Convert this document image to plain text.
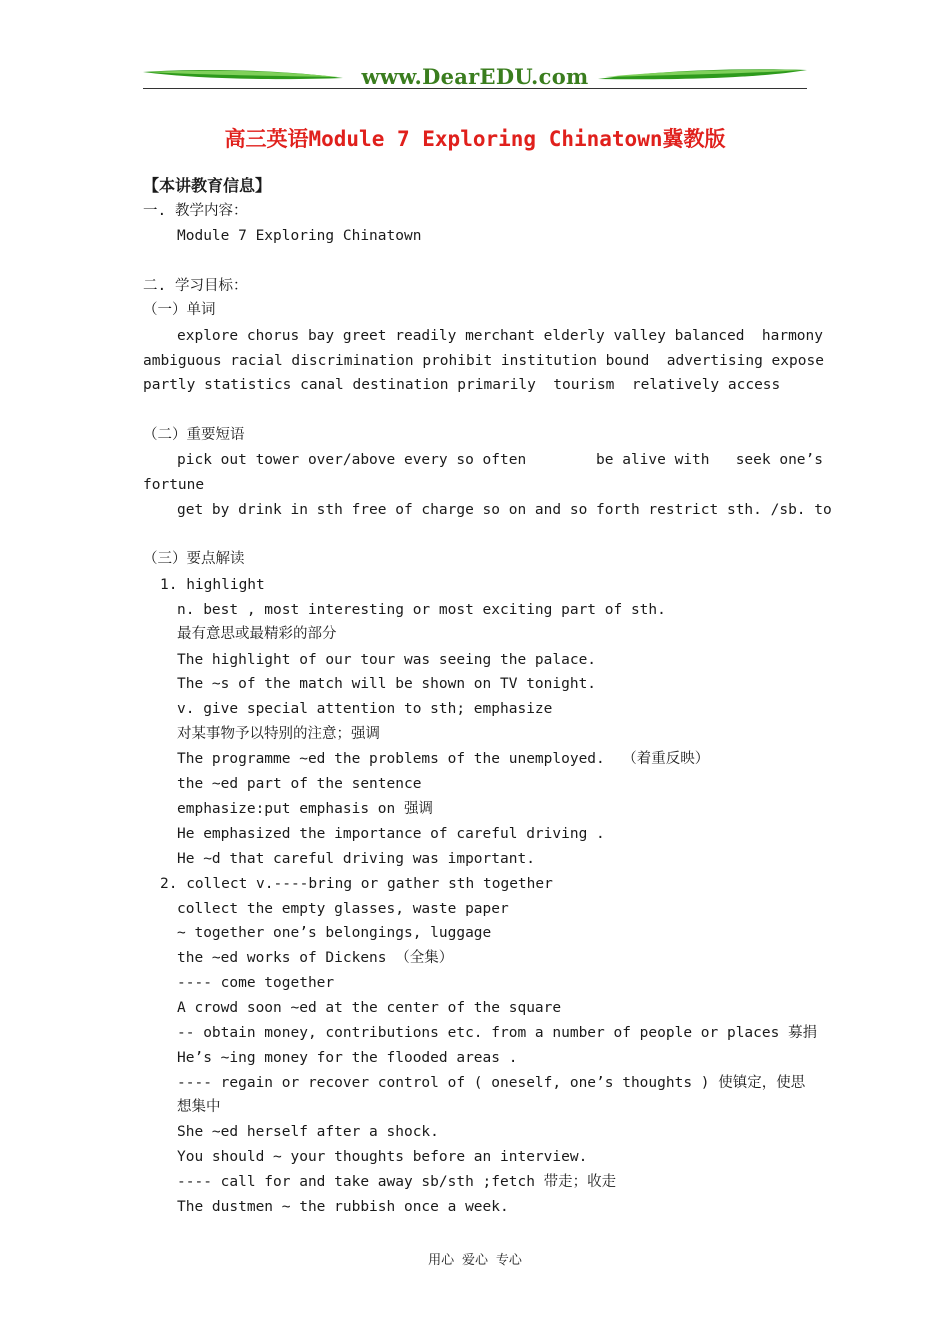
www.DearEDU.com
高三英语Module 7 Exploring Chinatown冀教版
【本讲教育信息】
一. 教学内容：
Module 7 Exploring Chinatown
二. 学习目标：
（一）单词
explore chorus bay greet readily merchant elderly valley balanced  harmony
ambiguous racial discrimination prohibit institution bound  advertising expose
partly statistics canal destination primarily  tourism  relatively access
（二）重要短语
pick out tower over/above every so often        be alive with   seek one’s
fortune
get by drink in sth free of charge so on and so forth restrict sth. /sb. to
（三）要点解读
1. highlight
n. best , most interesting or most exciting part of sth.
最有意思或最精彩的部分
The highlight of our tour was seeing the palace.
The ~s of the match will be shown on TV tonight.
v. give special attention to sth; emphasize
对某事物予以特别的注意；强调
The programme ~ed the problems of the unemployed.  （着重反映）
the ~ed part of the sentence
emphasize:put emphasis on 强调
He emphasized the importance of careful driving .
He ~d that careful driving was important.
2. collect v.----bring or gather sth together
collect the empty glasses, waste paper
~ together one’s belongings, luggage
the ~ed works of Dickens （全集）
---- come together
A crowd soon ~ed at the center of the square
-- obtain money, contributions etc. from a number of people or places 募捐
He’s ~ing money for the flooded areas .
---- regain or recover control of ( oneself, one’s thoughts ) 使镇定，使思
想集中
She ~ed herself after a shock.
You should ~ your thoughts before an interview.
---- call for and take away sb/sth ;fetch 带走；收走
The dustmen ~ the rubbish once a week.
用心 爱心 专心
